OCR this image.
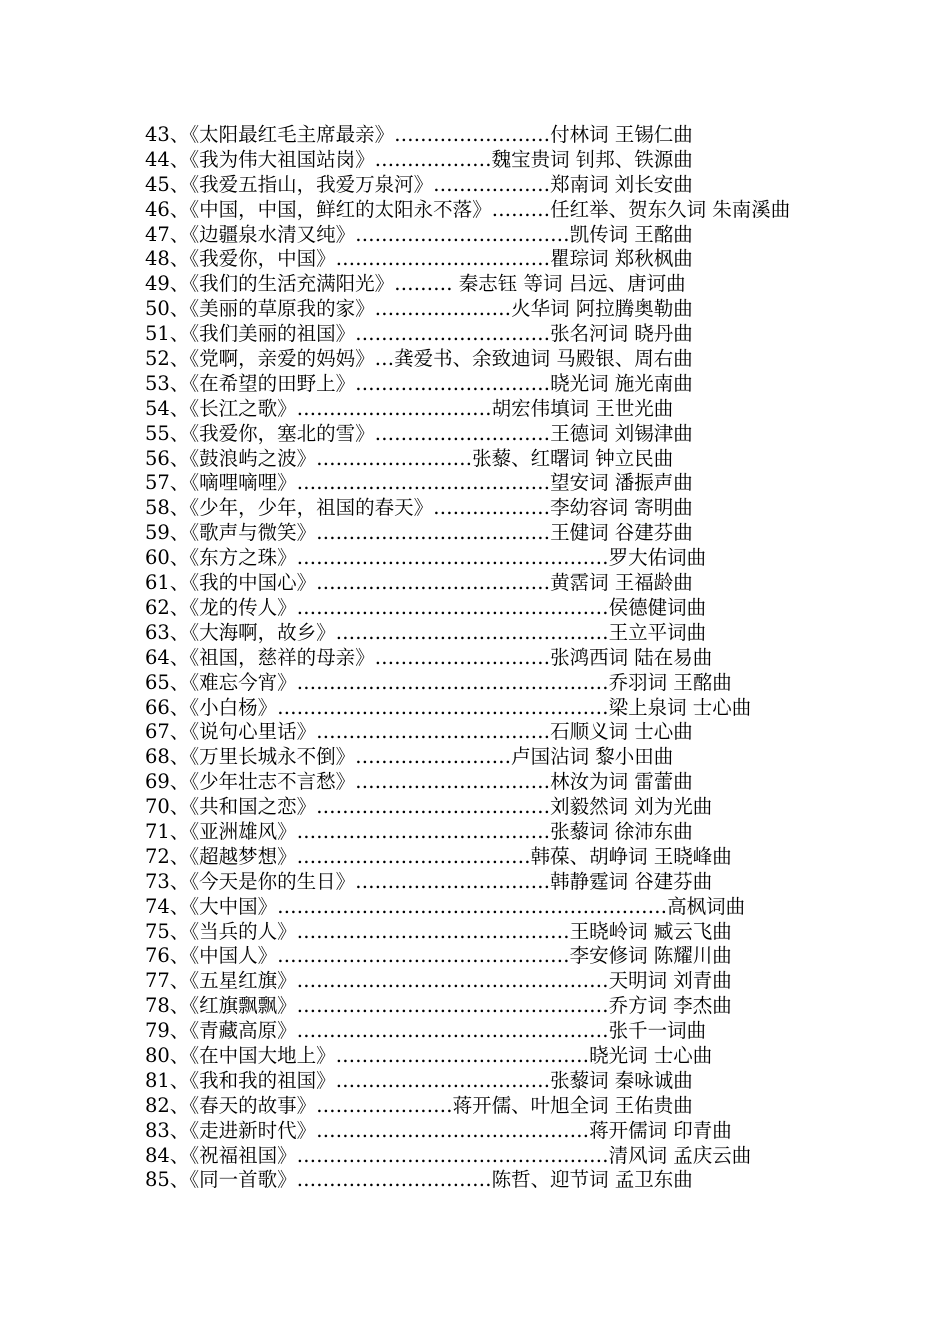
43、《太阳最红毛主席最亲》……………………付林词 王锡仁曲
44、《我为伟大祖国站岗》………………魏宝贵词 钊邦、铁源曲
45、《我爱五指山，我爱万泉河》………………郑南词 刘长安曲
46、《中国，中国，鲜红的太阳永不落》………任红举、贺东久词 朱南溪曲
47、《边疆泉水清又纯》……………………………凯传词 王酩曲
48、《我爱你，中国》……………………………瞿琮词 郑秋枫曲
49、《我们的生活充满阳光》……… 秦志钰 等词 吕远、唐诃曲
50、《美丽的草原我的家》…………………火华词 阿拉腾奥勒曲
51、《我们美丽的祖国》…………………………张名河词 晓丹曲
52、《党啊，亲爱的妈妈》…龚爱书、余致迪词 马殿银、周右曲
53、《在希望的田野上》…………………………晓光词 施光南曲
54、《长江之歌》…………………………胡宏伟填词 王世光曲
55、《我爱你，塞北的雪》………………………王德词 刘锡津曲
56、《鼓浪屿之波》……………………张藜、红曙词 钟立民曲
57、《嘀哩嘀哩》…………………………………望安词 潘振声曲
58、《少年，少年，祖国的春天》………………李幼容词 寄明曲
59、《歌声与微笑》………………………………王健词 谷建芬曲
60、《东方之珠》…………………………………………罗大佑词曲
61、《我的中国心》………………………………黄霑词 王福龄曲
62、《龙的传人》…………………………………………侯德健词曲
63、《大海啊，故乡》……………………………………王立平词曲
64、《祖国，慈祥的母亲》………………………张鸿西词 陆在易曲
65、《难忘今宵》…………………………………………乔羽词 王酩曲
66、《小白杨》……………………………………………梁上泉词 士心曲
67、《说句心里话》………………………………石顺义词 士心曲
68、《万里长城永不倒》……………………卢国沾词 黎小田曲
69、《少年壮志不言愁》…………………………林汝为词 雷蕾曲
70、《共和国之恋》………………………………刘毅然词 刘为光曲
71、《亚洲雄风》…………………………………张藜词 徐沛东曲
72、《超越梦想》………………………………韩葆、胡峥词 王晓峰曲
73、《今天是你的生日》…………………………韩静霆词 谷建芬曲
74、《大中国》……………………………………………………高枫词曲
75、《当兵的人》……………………………………王晓岭词 臧云飞曲
76、《中国人》………………………………………李安修词 陈耀川曲
77、《五星红旗》…………………………………………天明词 刘青曲
78、《红旗飘飘》…………………………………………乔方词 李杰曲
79、《青藏高原》…………………………………………张千一词曲
80、《在中国大地上》…………………………………晓光词 士心曲
81、《我和我的祖国》……………………………张藜词 秦咏诚曲
82、《春天的故事》…………………蒋开儒、叶旭全词 王佑贵曲
83、《走进新时代》……………………………………蒋开儒词 印青曲
84、《祝福祖国》…………………………………………清风词 孟庆云曲
85、《同一首歌》…………………………陈哲、迎节词 孟卫东曲
